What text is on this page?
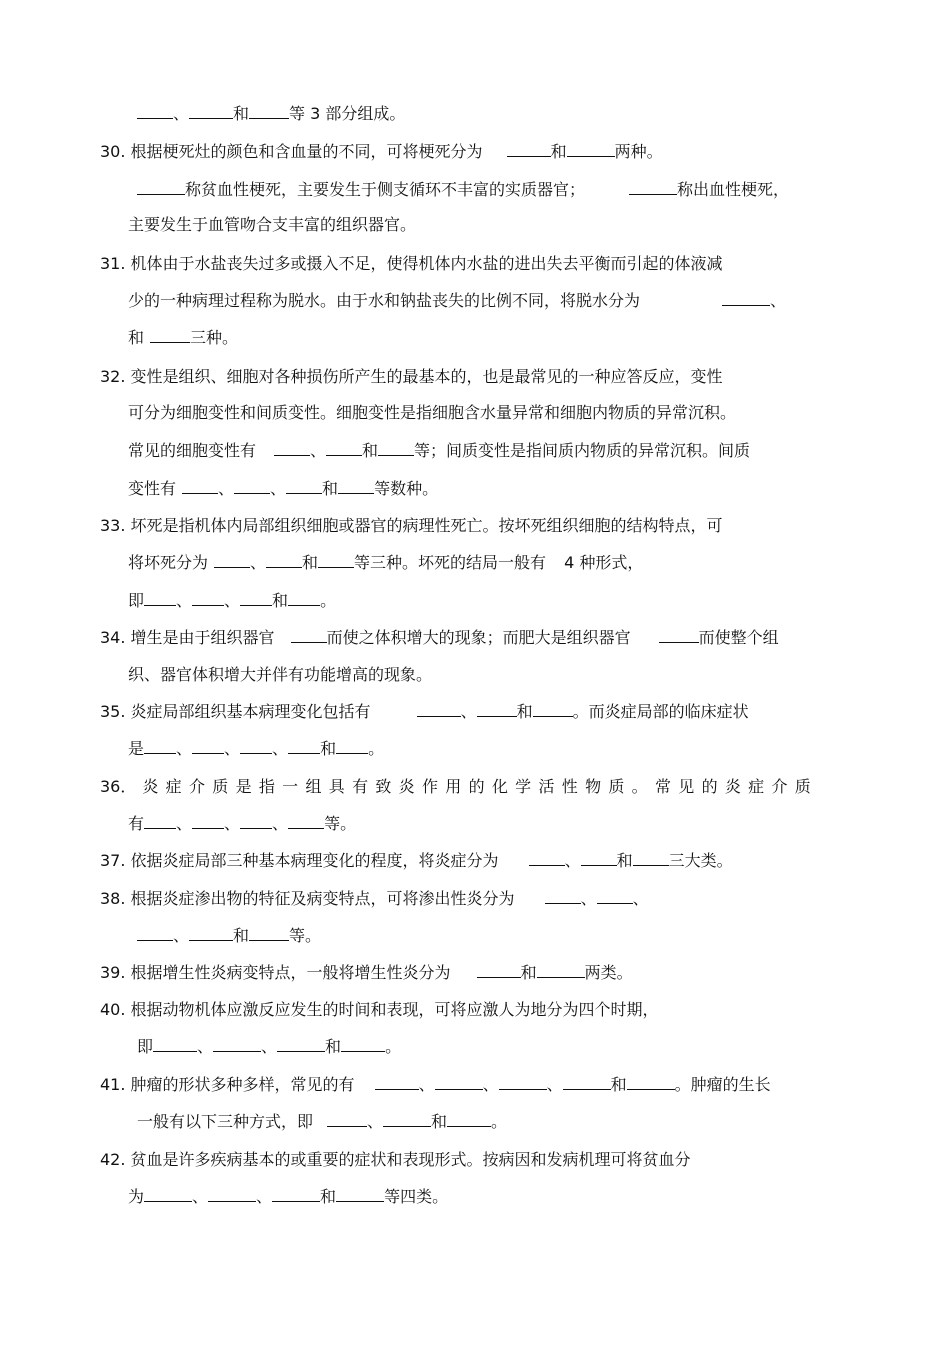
、	和	等 3 部分组成。
30. 根据梗死灶的颜色和含血量的不同，可将梗死分为	和	两种。
称贫血性梗死，主要发生于侧支循环不丰富的实质器官；	称出血性梗死，
主要发生于血管吻合支丰富的组织器官。
31. 机体由于水盐丧失过多或摄入不足，使得机体内水盐的进出失去平衡而引起的体液减
少的一种病理过程称为脱水。由于水和钠盐丧失的比例不同，将脱水分为	、
和	三种。
32. 变性是组织、细胞对各种损伤所产生的最基本的，也是最常见的一种应答反应，变性
可分为细胞变性和间质变性。细胞变性是指细胞含水量异常和细胞内物质的异常沉积。
常见的细胞变性有	、 和 等；间质变性是指间质内物质的异常沉积。间质
变性有	、 、 和 等数种。
33. 坏死是指机体内局部组织细胞或器官的病理性死亡。按坏死组织细胞的结构特点，可
将坏死分为	、 和 等三种。坏死的结局一般有 4 种形式，
即 、 、 和 。
34. 增生是由于组织器官	而使之体积增大的现象；而肥大是组织器官	而使整个组
织、器官体积增大并伴有功能增高的现象。
35. 炎症局部组织基本病理变化包括有	、	和	。而炎症局部的临床症状
是 、 、 、 和 。
36． 炎症介质是指一组具有致炎作用的化学活性物质。常见的炎症介质
有 、 、 、 等。
37. 依据炎症局部三种基本病理变化的程度，将炎症分为	、 和 三大类。
38. 根据炎症渗出物的特征及病变特点，可将渗出性炎分为	、 、
、	和	等。
39. 根据增生性炎病变特点，一般将增生性炎分为	和	两类。
40. 根据动物机体应激反应发生的时间和表现，可将应激人为地分为四个时期，
即	、	、	和	。
41. 肿瘤的形状多种多样，常见的有	、	、	、	和	。肿瘤的生长
一般有以下三种方式，即	、	和	。
42. 贫血是许多疾病基本的或重要的症状和表现形式。按病因和发病机理可将贫血分
为	、	、	和	等四类。
